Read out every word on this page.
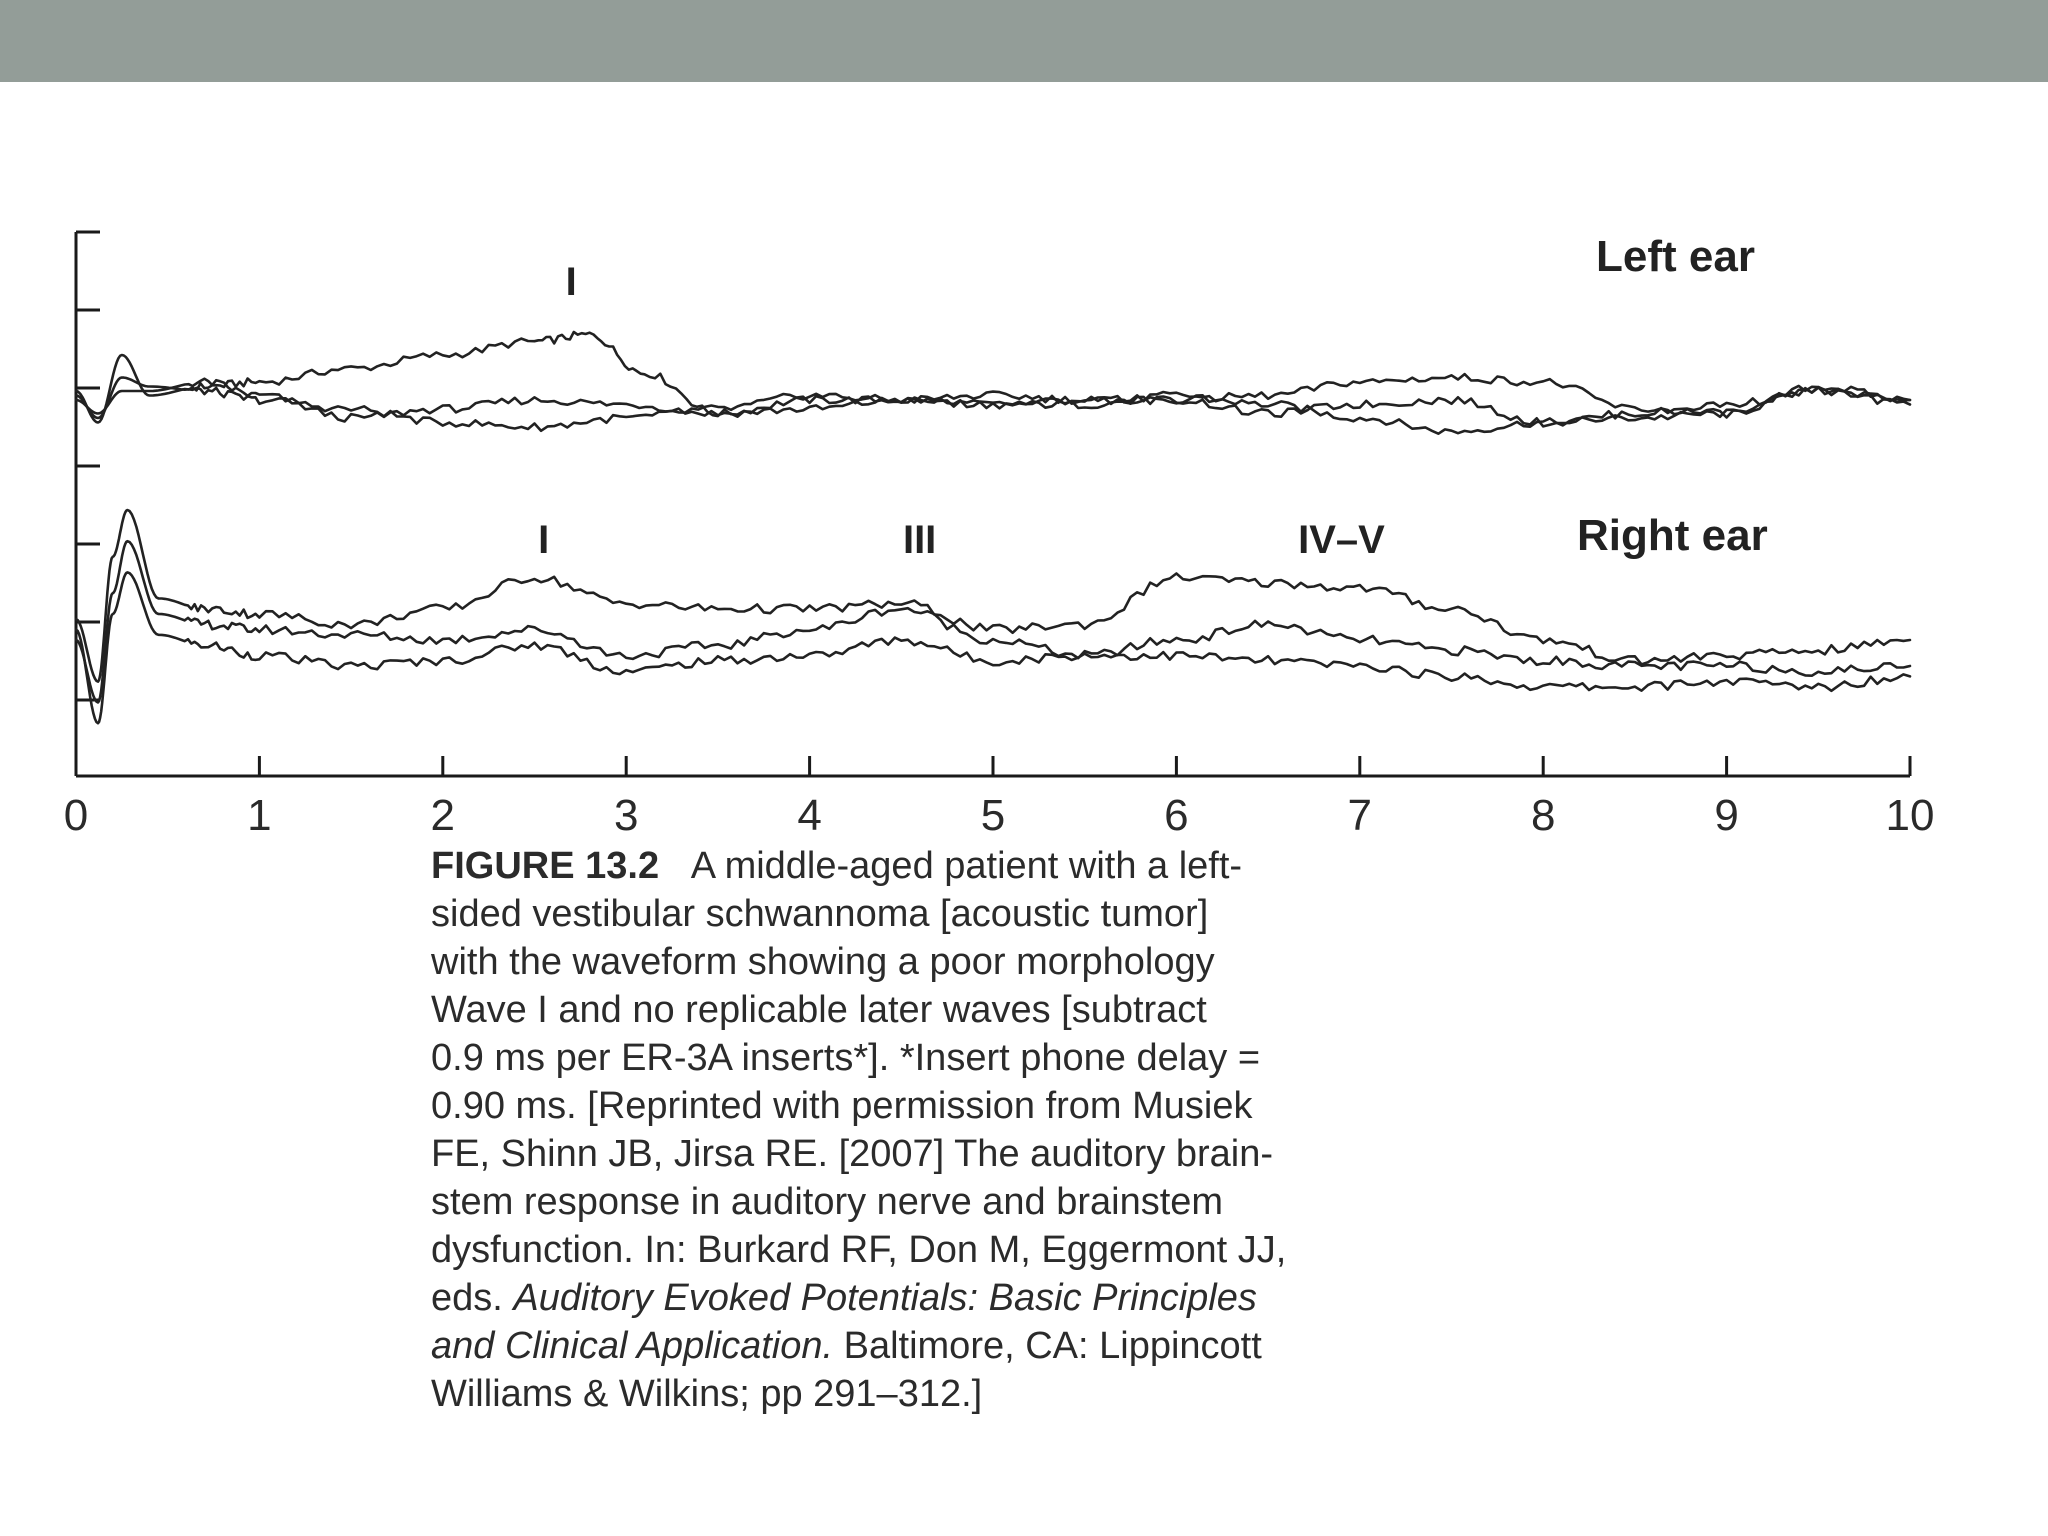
0	1	2	3	4	5	6	7	8	9	10
I
I	III	IV–V
Left ear
Right ear
FIGURE 13.2 A middle-aged patient with a left-
sided vestibular schwannoma [acoustic tumor]
with the waveform showing a poor morphology
Wave I and no replicable later waves [subtract
0.9 ms per ER-3A inserts*]. *Insert phone delay =
0.90 ms. [Reprinted with permission from Musiek
FE, Shinn JB, Jirsa RE. [2007] The auditory brain-
stem response in auditory nerve and brainstem
dysfunction. In: Burkard RF, Don M, Eggermont JJ,
eds. Auditory Evoked Potentials: Basic Principles
and Clinical Application. Baltimore, CA: Lippincott
Williams & Wilkins; pp 291–312.]
